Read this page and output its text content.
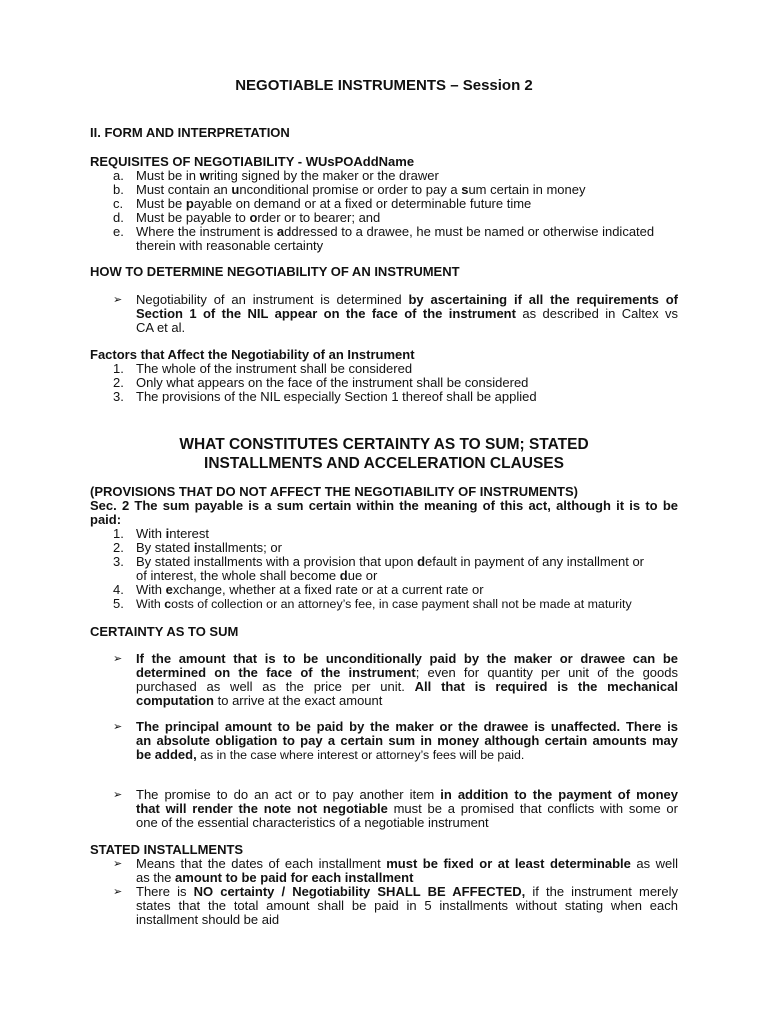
NEGOTIABLE INSTRUMENTS – Session 2
II. FORM AND INTERPRETATION
REQUISITES OF NEGOTIABILITY - WUsPOAddName
a. Must be in writing signed by the maker or the drawer
b. Must contain an unconditional promise or order to pay a sum certain in money
c. Must be payable on demand or at a fixed or determinable future time
d. Must be payable to order or to bearer; and
e. Where the instrument is addressed to a drawee, he must be named or otherwise indicated
therein with reasonable certainty
HOW TO DETERMINE NEGOTIABILITY OF AN INSTRUMENT
➢	Negotiability of an instrument is determined by ascertaining if all the requirements of
Section 1 of the NIL appear on the face of the instrument as described in Caltex vs
CA et al.
Factors that Affect the Negotiability of an Instrument
1. The whole of the instrument shall be considered
2. Only what appears on the face of the instrument shall be considered
3. The provisions of the NIL especially Section 1 thereof shall be applied
WHAT CONSTITUTES CERTAINTY AS TO SUM; STATED
INSTALLMENTS AND ACCELERATION CLAUSES
(PROVISIONS THAT DO NOT AFFECT THE NEGOTIABILITY OF INSTRUMENTS)
Sec. 2 The sum payable is a sum certain within the meaning of this act, although it is to be
paid:
1. With interest
2. By stated installments; or
3. By stated installments with a provision that upon default in payment of any installment or
of interest, the whole shall become due or
4. With exchange, whether at a fixed rate or at a current rate or
5. With costs of collection or an attorney’s fee, in case payment shall not be made at maturity
CERTAINTY AS TO SUM
➢	If the amount that is to be unconditionally paid by the maker or drawee can be
determined on the face of the instrument; even for quantity per unit of the goods
purchased as well as the price per unit. All that is required is the mechanical
computation to arrive at the exact amount
➢	The principal amount to be paid by the maker or the drawee is unaffected. There is
an absolute obligation to pay a certain sum in money although certain amounts may
be added, as in the case where interest or attorney’s fees will be paid.
➢	The promise to do an act or to pay another item in addition to the payment of money
that will render the note not negotiable must be a promised that conflicts with some or
one of the essential characteristics of a negotiable instrument
STATED INSTALLMENTS
➢	Means that the dates of each installment must be fixed or at least determinable as well
as the amount to be paid for each installment
➢	There is NO certainty / Negotiability SHALL BE AFFECTED, if the instrument merely
states that the total amount shall be paid in 5 installments without stating when each
installment should be aid
